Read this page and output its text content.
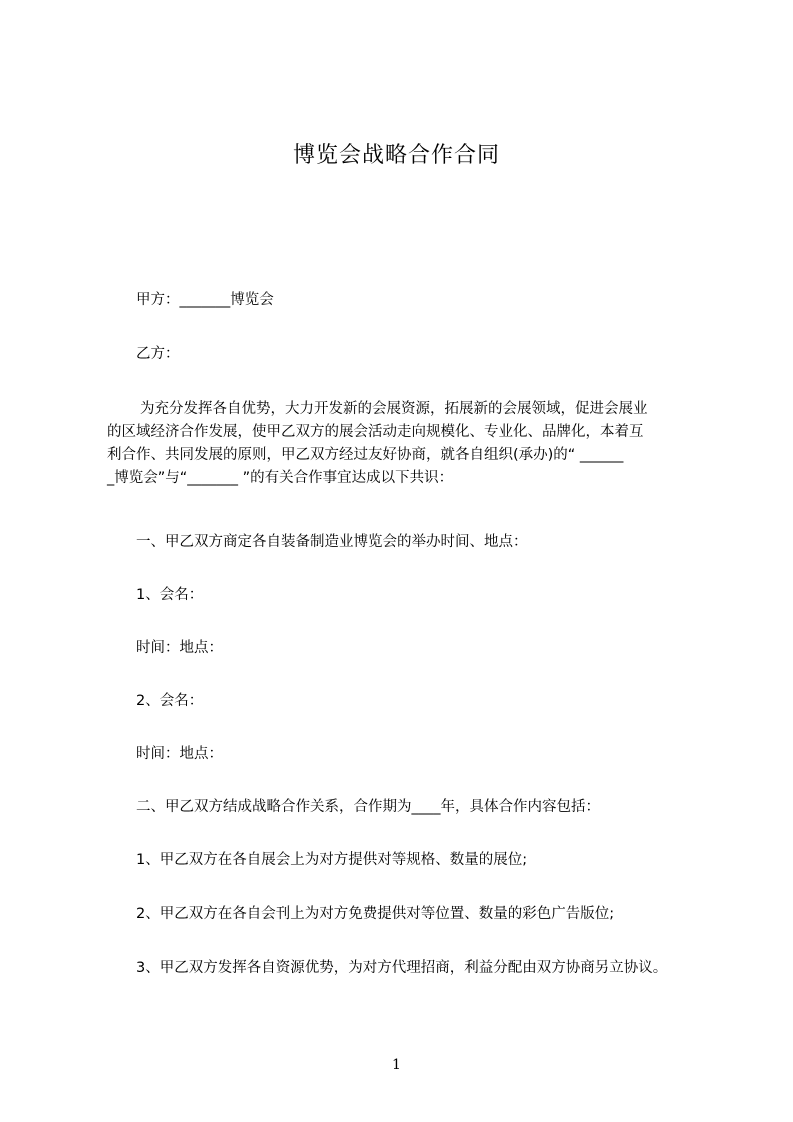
博览会战略合作合同
甲方：_______博览会
乙方：
为充分发挥各自优势，大力开发新的会展资源，拓展新的会展领域，促进会展业
的区域经济合作发展，使甲乙双方的展会活动走向规模化、专业化、品牌化，本着互
利合作、共同发展的原则，甲乙双方经过友好协商，就各自组织(承办)的“ ______
_博览会”与“_______ ”的有关合作事宜达成以下共识：
一、甲乙双方商定各自装备制造业博览会的举办时间、地点：
1、会名：
时间：地点：
2、会名：
时间：地点：
二、甲乙双方结成战略合作关系，合作期为____年，具体合作内容包括：
1、甲乙双方在各自展会上为对方提供对等规格、数量的展位;
2、甲乙双方在各自会刊上为对方免费提供对等位置、数量的彩色广告版位;
3、甲乙双方发挥各自资源优势，为对方代理招商，利益分配由双方协商另立协议。
1
